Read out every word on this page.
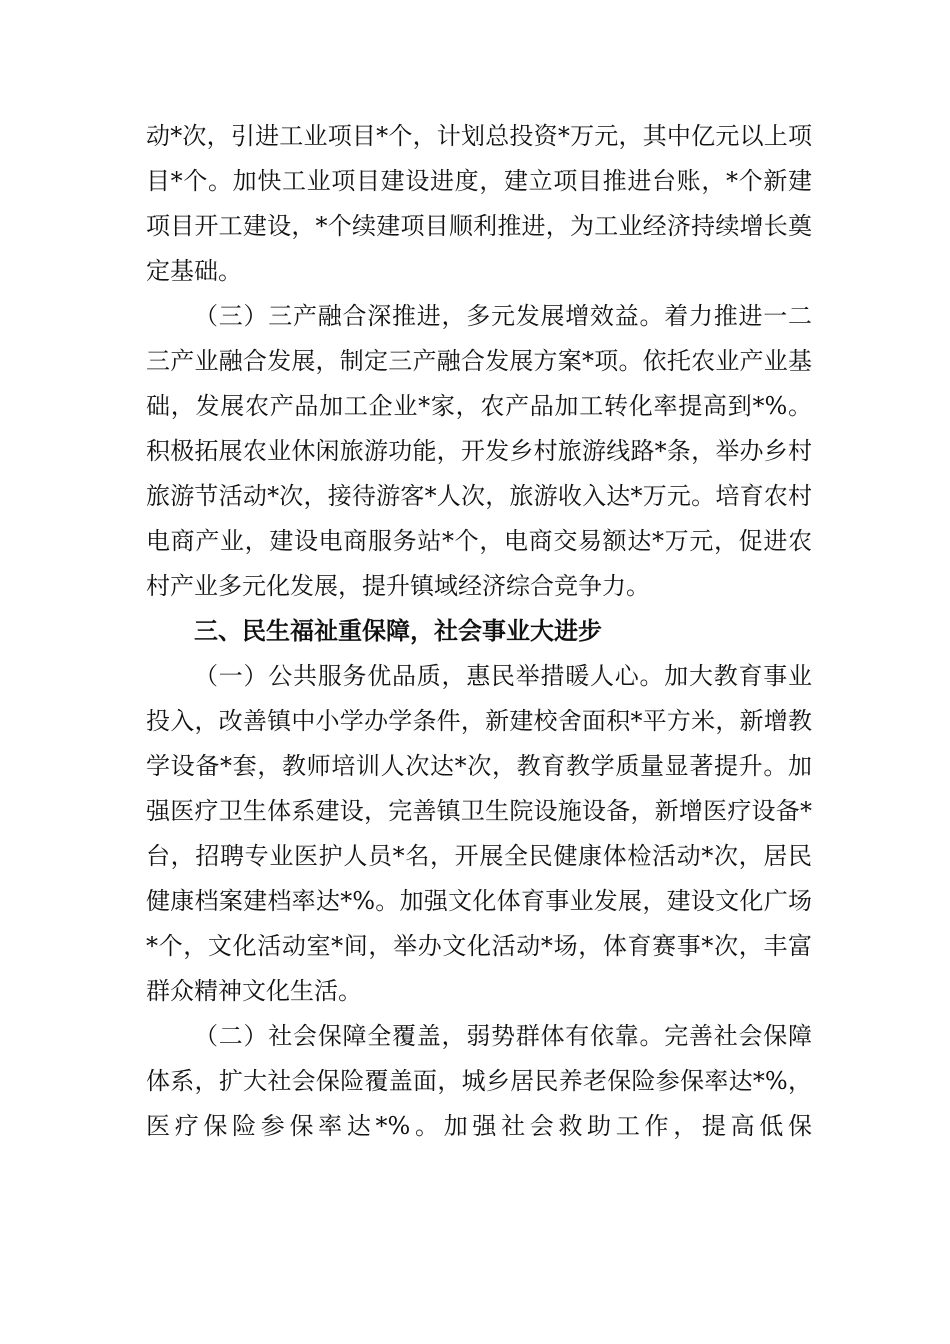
动*次，引进工业项目*个，计划总投资*万元，其中亿元以上项目*个。加快工业项目建设进度，建立项目推进台账，*个新建项目开工建设，*个续建项目顺利推进，为工业经济持续增长奠定基础。

（三）三产融合深推进，多元发展增效益。着力推进一二三产业融合发展，制定三产融合发展方案*项。依托农业产业基础，发展农产品加工企业*家，农产品加工转化率提高到*%。积极拓展农业休闲旅游功能，开发乡村旅游线路*条，举办乡村旅游节活动*次，接待游客*人次，旅游收入达*万元。培育农村电商产业，建设电商服务站*个，电商交易额达*万元，促进农村产业多元化发展，提升镇域经济综合竞争力。

三、民生福祉重保障，社会事业大进步

（一）公共服务优品质，惠民举措暖人心。加大教育事业投入，改善镇中小学办学条件，新建校舍面积*平方米，新增教学设备*套，教师培训人次达*次，教育教学质量显著提升。加强医疗卫生体系建设，完善镇卫生院设施设备，新增医疗设备*台，招聘专业医护人员*名，开展全民健康体检活动*次，居民健康档案建档率达*%。加强文化体育事业发展，建设文化广场*个，文化活动室*间，举办文化活动*场，体育赛事*次，丰富群众精神文化生活。

（二）社会保障全覆盖，弱势群体有依靠。完善社会保障体系，扩大社会保险覆盖面，城乡居民养老保险参保率达*%，医疗保险参保率达*%。加强社会救助工作，提高低保
